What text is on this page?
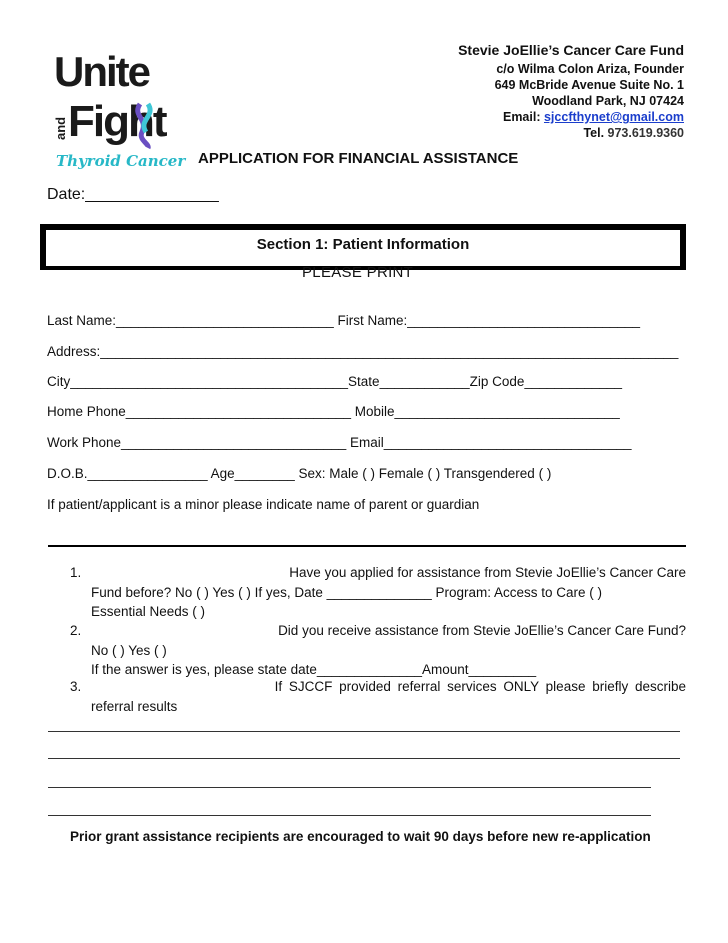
Unite
and Fight
Thyroid Cancer
Stevie JoEllie’s Cancer Care Fund
c/o Wilma Colon Ariza, Founder
649 McBride Avenue Suite No. 1
Woodland Park, NJ 07424
Email: sjccfthynet@gmail.com
Tel. 973.619.9360
APPLICATION FOR FINANCIAL ASSISTANCE
Date:_______________
Section 1: Patient Information
PLEASE PRINT
Last Name:_____________________________ First Name:_______________________________
Address:_____________________________________________________________________________
City_____________________________________State____________Zip Code_____________
Home Phone______________________________ Mobile______________________________
Work Phone______________________________ Email_________________________________
D.O.B.________________ Age________ Sex: Male ( ) Female ( ) Transgendered ( )
If patient/applicant is a minor please indicate name of parent or guardian
1.	Have you applied for assistance from Stevie JoEllie’s Cancer Care
Fund before? No ( ) Yes ( ) If yes, Date ______________ Program: Access to Care ( )
Essential Needs ( )
2.	Did you receive assistance from Stevie JoEllie’s Cancer Care Fund?
No ( ) Yes ( )
If the answer is yes, please state date______________Amount_________
3.	If SJCCF provided referral services ONLY please briefly describe
referral results
Prior grant assistance recipients are encouraged to wait 90 days before new re-application
